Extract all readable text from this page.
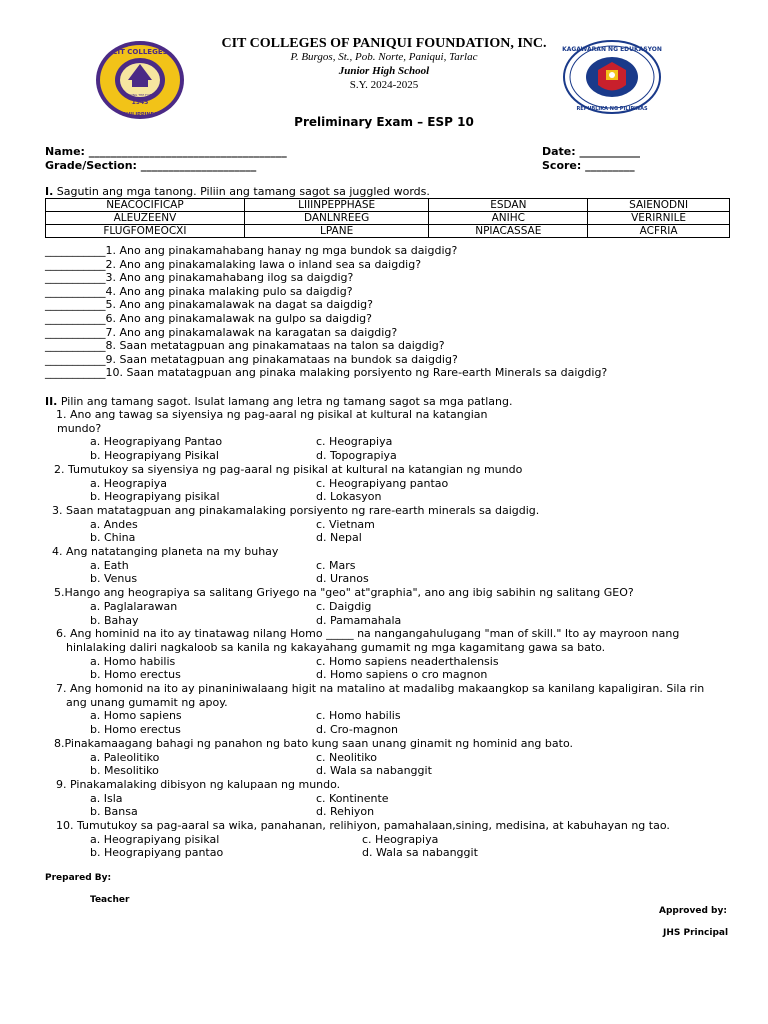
1945
CIT COLLEGES
PHILIPPINES
MOLDING THE FUTURE
KAGAWARAN NG EDUKASYON
REPUBLIKA NG PILIPINAS
CIT COLLEGES OF PANIQUI FOUNDATION, INC.
P. Burgos, St., Pob. Norte, Paniqui, Tarlac
Junior High School
S.Y. 2024-2025
Preliminary Exam – ESP 10
Name: ____________________________________
Grade/Section: _____________________
Date: ___________
Score: _________
I. Sagutin ang mga tanong. Piliin ang tamang sagot sa juggled words.
NEACOCIFICAP	LIIINPEPPHASE	ESDAN	SAIENODNI
ALEUZEENV	DANLNREEG	ANIHC	VERIRNILE
FLUGFOMEOCXI	LPANE	NPIACASSAE	ACFRIA
___________1. Ano ang pinakamahabang hanay ng mga bundok sa daigdig?
___________2. Ano ang pinakamalaking lawa o inland sea sa daigdig?
___________3. Ano ang pinakamahabang ilog sa daigdig?
___________4. Ano ang pinaka malaking pulo sa daigdig?
___________5. Ano ang pinakamalawak na dagat sa daigdig?
___________6. Ano ang pinakamalawak na gulpo sa daigdig?
___________7. Ano ang pinakamalawak na karagatan sa daigdig?
___________8. Saan metatagpuan ang pinakamataas na talon sa daigdig?
___________9. Saan metatagpuan ang pinakamataas na bundok sa daigdig?
___________10. Saan matatagpuan ang pinaka malaking porsiyento ng Rare-earth Minerals sa daigdig?
II. Pilin ang tamang sagot. Isulat lamang ang letra ng tamang sagot sa mga patlang.
1. Ano ang tawag sa siyensiya ng pag-aaral ng pisikal at kultural na katangian
mundo?
a. Heograpiyang Pantao	c. Heograpiya
b. Heograpiyang Pisikal	d. Topograpiya
2. Tumutukoy sa siyensiya ng pag-aaral ng pisikal at kultural na katangian ng mundo
a. Heograpiya	c. Heograpiyang pantao
b. Heograpiyang pisikal	d. Lokasyon
3. Saan matatagpuan ang pinakamalaking porsiyento ng rare-earth minerals sa daigdig.
a. Andes	c. Vietnam
b. China	d. Nepal
4. Ang natatanging planeta na my buhay
a. Eath	c. Mars
b. Venus	d. Uranos
5.Hango ang heograpiya sa salitang Griyego na "geo" at"graphia", ano ang ibig sabihin ng salitang GEO?
a. Paglalarawan	c. Daigdig
b. Bahay	d. Pamamahala
6. Ang hominid na ito ay tinatawag nilang Homo _____ na nangangahulugang "man of skill." Ito ay mayroon nang
hinlalaking daliri nagkaloob sa kanila ng kakayahang gumamit ng mga kagamitang gawa sa bato.
a. Homo habilis	c. Homo sapiens neaderthalensis
b. Homo erectus	d. Homo sapiens o cro magnon
7. Ang homonid na ito ay pinaniniwalaang higit na matalino at madalibg makaangkop sa kanilang kapaligiran. Sila rin
ang unang gumamit ng apoy.
a. Homo sapiens	c. Homo habilis
b. Homo erectus	d. Cro-magnon
8.Pinakamaagang bahagi ng panahon ng bato kung saan unang ginamit ng hominid ang bato.
a. Paleolitiko	c. Neolitiko
b. Mesolitiko	d. Wala sa nabanggit
9. Pinakamalaking dibisyon ng kalupaan ng mundo.
a. Isla	c. Kontinente
b. Bansa	d. Rehiyon
10. Tumutukoy sa pag-aaral sa wika, panahanan, relihiyon, pamahalaan,sining, medisina, at kabuhayan ng tao.
a. Heograpiyang pisikal	c. Heograpiya
b. Heograpiyang pantao	d. Wala sa nabanggit
Prepared By:
Teacher
Approved by:
JHS Principal
